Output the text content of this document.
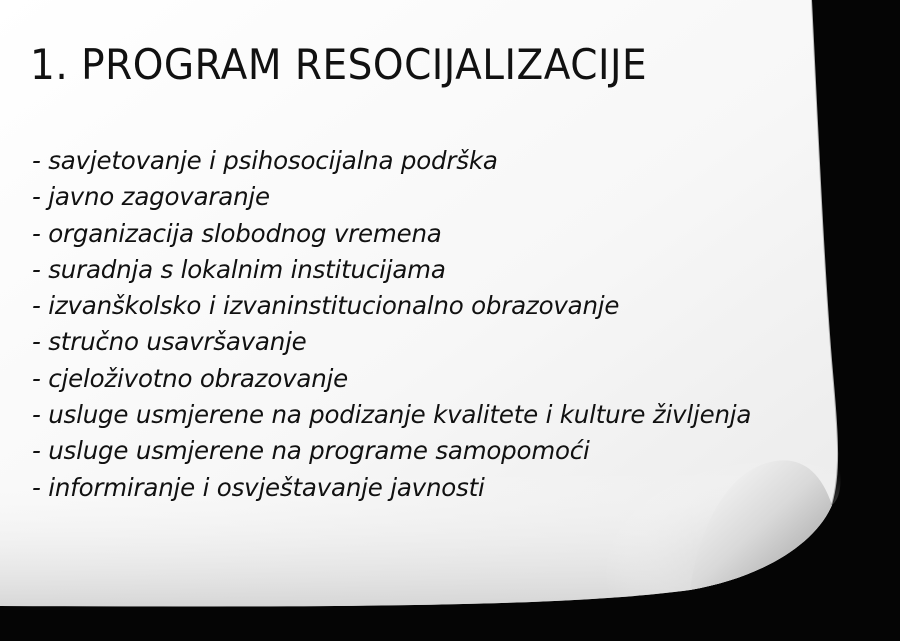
1. PROGRAM RESOCIJALIZACIJE
- savjetovanje i psihosocijalna podrška
- javno zagovaranje
- organizacija slobodnog vremena
- suradnja s lokalnim institucijama
- izvanškolsko i izvaninstitucionalno obrazovanje
- stručno usavršavanje
- cjeloživotno obrazovanje
- usluge usmjerene na podizanje kvalitete i kulture življenja
- usluge usmjerene na programe samopomoći
- informiranje i osvještavanje javnosti
